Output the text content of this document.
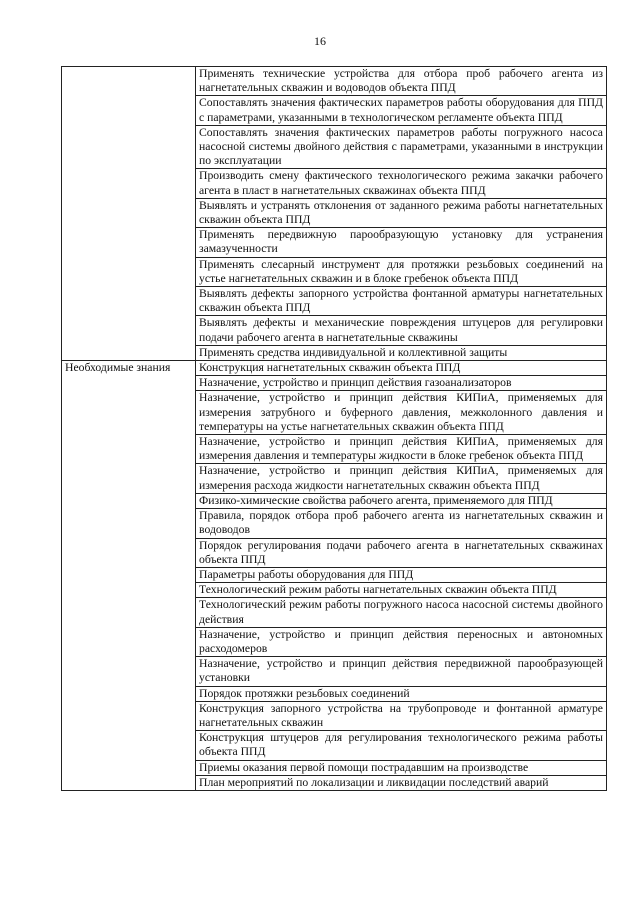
16
	Применять технические устройства для отбора проб рабочего агента из нагнетательных скважин и водоводов объекта ППД
	Сопоставлять значения фактических параметров работы оборудования для ППД с параметрами, указанными в технологическом регламенте объекта ППД
	Сопоставлять значения фактических параметров работы погружного насоса насосной системы двойного действия с параметрами, указанными в инструкции по эксплуатации
	Производить смену фактического технологического режима закачки рабочего агента в пласт в нагнетательных скважинах объекта ППД
	Выявлять и устранять отклонения от заданного режима работы нагнетательных скважин объекта ППД
	Применять передвижную парообразующую установку для устранения замазученности
	Применять слесарный инструмент для протяжки резьбовых соединений на устье нагнетательных скважин и в блоке гребенок объекта ППД
	Выявлять дефекты запорного устройства фонтанной арматуры нагнетательных скважин объекта ППД
	Выявлять дефекты и механические повреждения штуцеров для регулировки подачи рабочего агента в нагнетательные скважины
	Применять средства индивидуальной и коллективной защиты
Необходимые знания	Конструкция нагнетательных скважин объекта ППД
	Назначение, устройство и принцип действия газоанализаторов
	Назначение, устройство и принцип действия КИПиА, применяемых для измерения затрубного и буферного давления, межколонного давления и температуры на устье нагнетательных скважин объекта ППД
	Назначение, устройство и принцип действия КИПиА, применяемых для измерения давления и температуры жидкости в блоке гребенок объекта ППД
	Назначение, устройство и принцип действия КИПиА, применяемых для измерения расхода жидкости нагнетательных скважин объекта ППД
	Физико-химические свойства рабочего агента, применяемого для ППД
	Правила, порядок отбора проб рабочего агента из нагнетательных скважин и водоводов
	Порядок регулирования подачи рабочего агента в нагнетательных скважинах объекта ППД
	Параметры работы оборудования для ППД
	Технологический режим работы нагнетательных скважин объекта ППД
	Технологический режим работы погружного насоса насосной системы двойного действия
	Назначение, устройство и принцип действия переносных и автономных расходомеров
	Назначение, устройство и принцип действия передвижной парообразующей установки
	Порядок протяжки резьбовых соединений
	Конструкция запорного устройства на трубопроводе и фонтанной арматуре нагнетательных скважин
	Конструкция штуцеров для регулирования технологического режима работы объекта ППД
	Приемы оказания первой помощи пострадавшим на производстве
	План мероприятий по локализации и ликвидации последствий аварий
